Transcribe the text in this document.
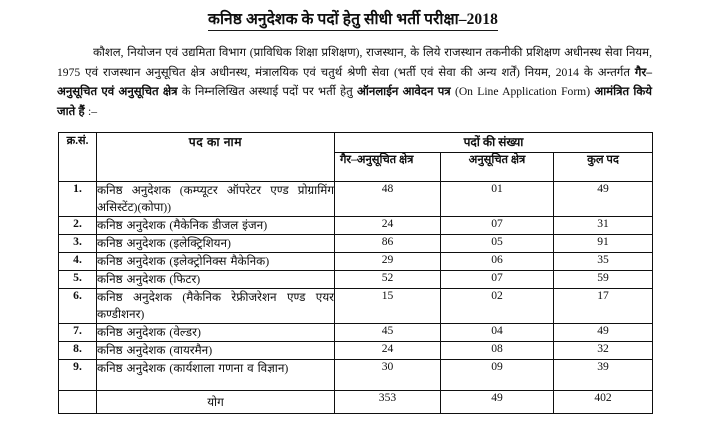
कनिष्ठ अनुदेशक के पदों हेतु सीधी भर्ती परीक्षा–2018
कौशल, नियोजन एवं उद्यमिता विभाग (प्राविधिक शिक्षा प्रशिक्षण), राजस्थान, के लिये राजस्थान तकनीकी प्रशिक्षण अधीनस्थ सेवा नियम, 1975 एवं राजस्थान अनुसूचित क्षेत्र अधीनस्थ, मंत्रालयिक एवं चतुर्थ श्रेणी सेवा (भर्ती एवं सेवा की अन्य शर्तें) नियम, 2014 के अन्तर्गत गैर–अनुसूचित एवं अनुसूचित क्षेत्र के निम्नलिखित अस्थाई पदों पर भर्ती हेतु ऑनलाईन आवेदन पत्र (On Line Application Form) आमंत्रित किये जाते हैं :–
क्र.सं.	पद का नाम	पदों की संख्या		
		गैर–अनुसूचित क्षेत्र	अनुसूचित क्षेत्र	कुल पद
1.	कनिष्ठ अनुदेशक (कम्प्यूटर ऑपरेटर एण्ड प्रोग्रामिंग असिस्टेंट)(कोपा))	48	01	49
2.	कनिष्ठ अनुदेशक (मैकेनिक डीजल इंजन)	24	07	31
3.	कनिष्ठ अनुदेशक (इलेक्ट्रिशियन)	86	05	91
4.	कनिष्ठ अनुदेशक (इलेक्ट्रोनिक्स मैकेनिक)	29	06	35
5.	कनिष्ठ अनुदेशक (फिटर)	52	07	59
6.	कनिष्ठ अनुदेशक (मैकेनिक रेफ्रीजरेशन एण्ड एयर कण्डीशनर)	15	02	17
7.	कनिष्ठ अनुदेशक (वेल्डर)	45	04	49
8.	कनिष्ठ अनुदेशक (वायरमैन)	24	08	32
9.	कनिष्ठ अनुदेशक (कार्यशाला गणना व विज्ञान)	30	09	39
	योग	353	49	402
